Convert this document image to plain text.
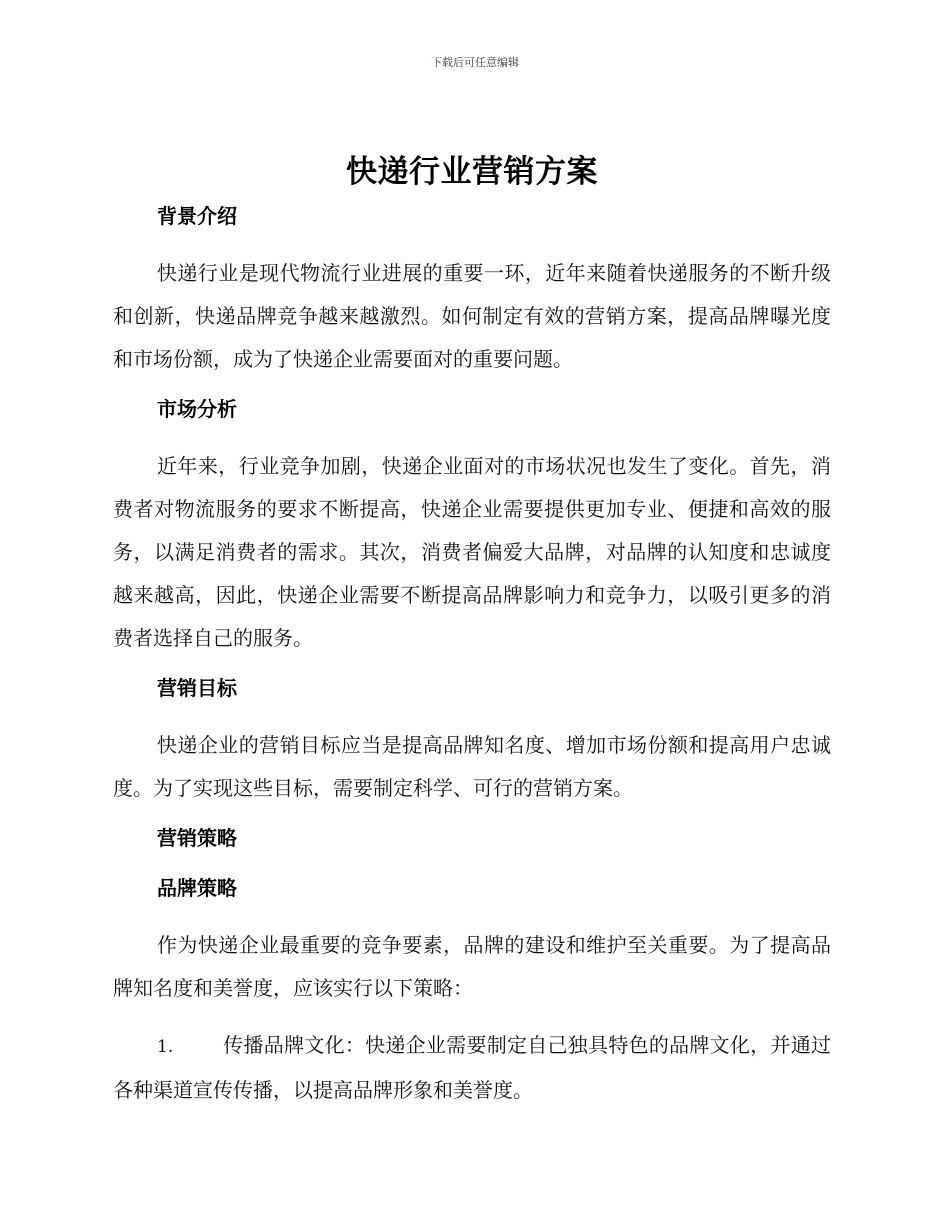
下载后可任意编辑
快递行业营销方案
背景介绍

快递行业是现代物流行业进展的重要一环，近年来随着快递服务的不断升级和创新，快递品牌竞争越来越激烈。如何制定有效的营销方案，提高品牌曝光度和市场份额，成为了快递企业需要面对的重要问题。

市场分析

近年来，行业竞争加剧，快递企业面对的市场状况也发生了变化。首先，消费者对物流服务的要求不断提高，快递企业需要提供更加专业、便捷和高效的服务，以满足消费者的需求。其次，消费者偏爱大品牌，对品牌的认知度和忠诚度越来越高，因此，快递企业需要不断提高品牌影响力和竞争力，以吸引更多的消费者选择自己的服务。

营销目标

快递企业的营销目标应当是提高品牌知名度、增加市场份额和提高用户忠诚度。为了实现这些目标，需要制定科学、可行的营销方案。

营销策略
品牌策略

作为快递企业最重要的竞争要素，品牌的建设和维护至关重要。为了提高品牌知名度和美誉度，应该实行以下策略：

1. 传播品牌文化：快递企业需要制定自己独具特色的品牌文化，并通过各种渠道宣传传播，以提高品牌形象和美誉度。
